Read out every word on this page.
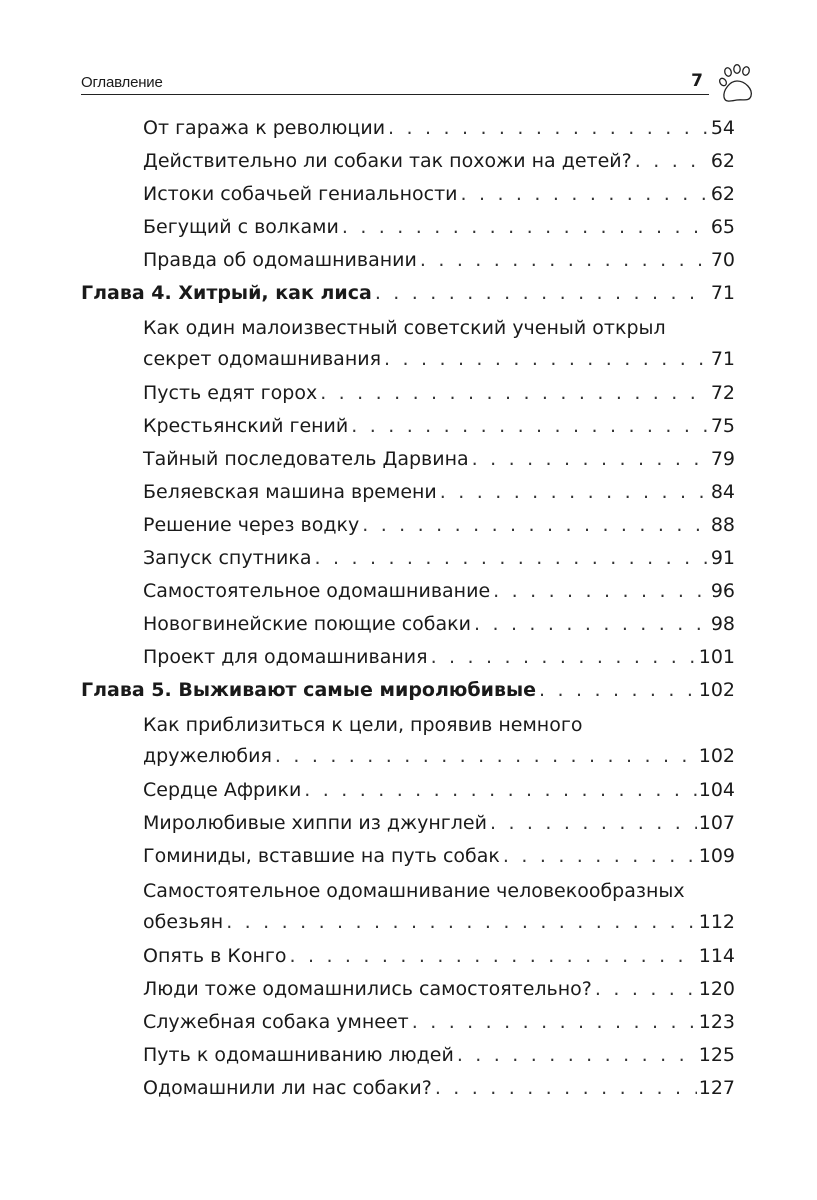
Оглавление	7
От гаража к революции . . .	54
Действительно ли собаки так похожи на детей? . . .	62
Истоки собачьей гениальности . . .	62
Бегущий с волками . . .	65
Правда об одомашнивании . . .	70
Глава 4. Хитрый, как лиса . . .	71
Как один малоизвестный советский ученый открыл
секрет одомашнивания . . .	71
Пусть едят горох . . .	72
Крестьянский гений . . .	75
Тайный последователь Дарвина . . .	79
Беляевская машина времени . . .	84
Решение через водку . . .	88
Запуск спутника . . .	91
Самостоятельное одомашнивание . . .	96
Новогвинейские поющие собаки . . .	98
Проект для одомашнивания . . .	101
Глава 5. Выживают самые миролюбивые . . .	102
Как приблизиться к цели, проявив немного
дружелюбия . . .	102
Сердце Африки . . .	104
Миролюбивые хиппи из джунглей . . .	107
Гоминиды, вставшие на путь собак . . .	109
Самостоятельное одомашнивание человекообразных
обезьян . . .	112
Опять в Конго . . .	114
Люди тоже одомашнились самостоятельно? . . .	120
Служебная собака умнеет . . .	123
Путь к одомашниванию людей . . .	125
Одомашнили ли нас собаки? . . .	127
